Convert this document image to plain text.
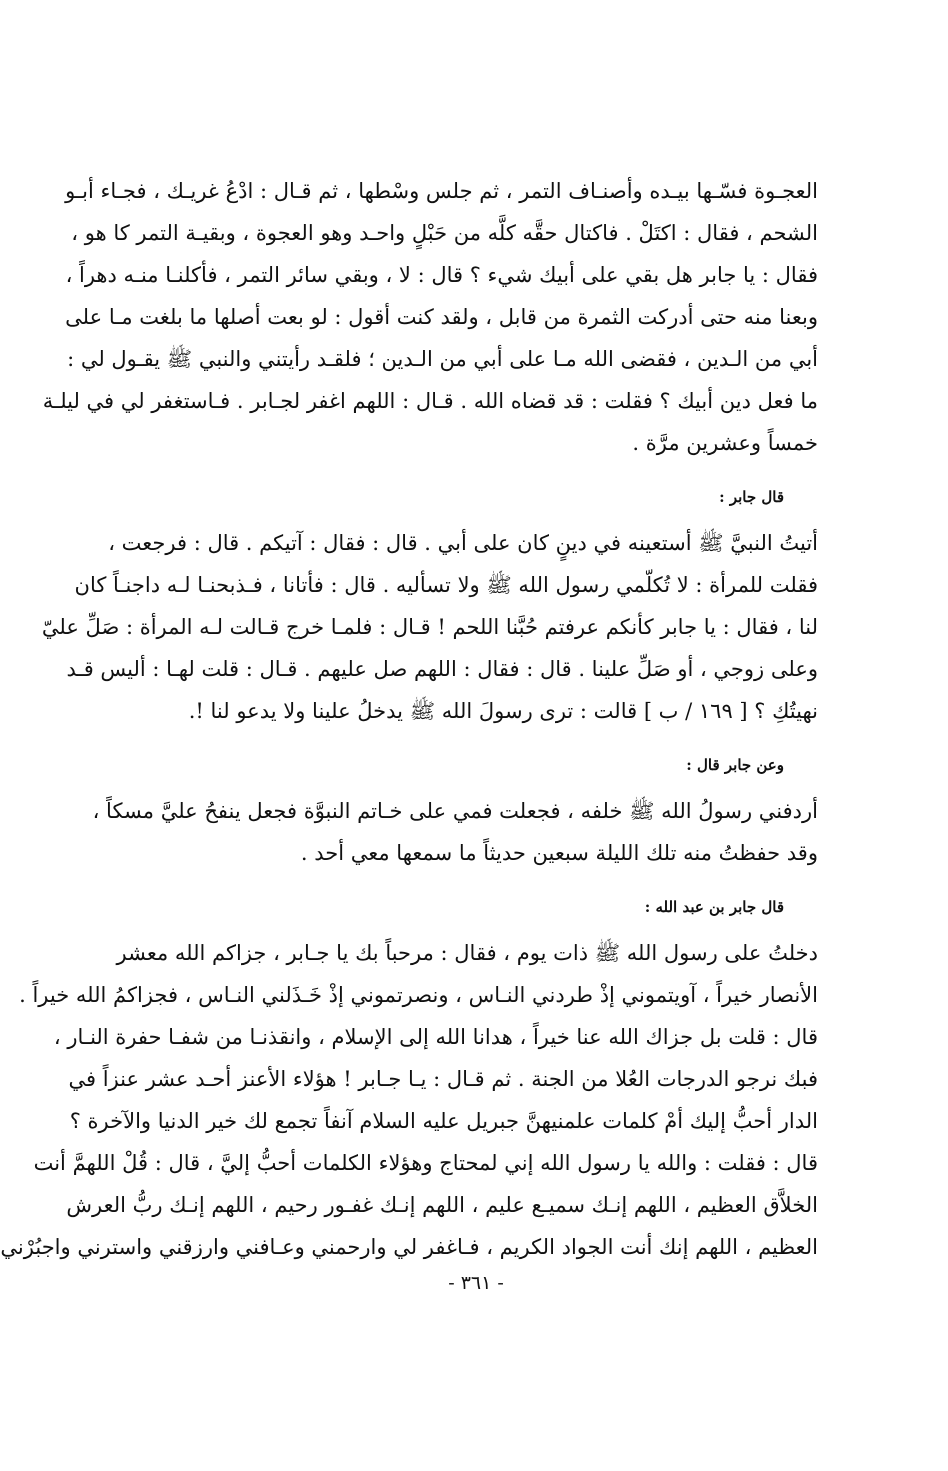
العجـوة فسّـها بيـده وأصنـاف التمر ، ثم جلس وسْطها ، ثم قـال : ادْعُ غريـك ، فجـاء أبـو

الشحم ، فقال : اكتَلْ . فاكتال حقَّه كلَّه من حَبْلٍ واحـد وهو العجوة ، وبقيـة التمر كا هو ،

فقال : يا جابر هل بقي على أبيك شيء ؟ قال : لا ، وبقي سائر التمر ، فأكلنـا منـه دهراً ،

وبعنا منه حتى أدركت الثمرة من قابل ، ولقد كنت أقول : لو بعت أصلها ما بلغت مـا على

أبي من الـدين ، فقضى الله مـا على أبي من الـدين ؛ فلقـد رأيتني والنبي ﷺ يقـول لي :

ما فعل دين أبيك ؟ فقلت : قد قضاه الله . قـال : اللهم اغفر لجـابر . فـاستغفر لي في ليلـة

خمساً وعشرين مرَّة .

قال جابر :

أتيتُ النبيَّ ﷺ أستعينه في دينٍ كان على أبي . قال : فقال : آتيكم . قال : فرجعت ،

فقلت للمرأة : لا تُكلّمي رسول الله ﷺ ولا تسأليه . قال : فأتانا ، فـذبحنـا لـه داجنـاً كان

لنا ، فقال : يا جابر كأنكم عرفتم حُبَّنا اللحم ! قـال : فلمـا خرج قـالت لـه المرأة : صَلِّ عليّ

وعلى زوجي ، أو صَلِّ علينا . قال : فقال : اللهم صل عليهم . قـال : قلت لهـا : أليس قـد

نهيتُكِ ؟ [ ١٦٩ / ب ] قالت : ترى رسولَ الله ﷺ يدخلُ علينا ولا يدعو لنا !.

وعن جابر قال :

أردفني رسولُ الله ﷺ خلفه ، فجعلت فمي على خـاتم النبوَّة فجعل ينفحُ عليَّ مسكاً ،

وقد حفظتُ منه تلك الليلة سبعين حديثاً ما سمعها معي أحد .

قال جابر بن عبد الله :

دخلتُ على رسول الله ﷺ ذات يوم ، فقال : مرحباً بك يا جـابر ، جزاكم الله معشر

الأنصار خيراً ، آويتموني إذْ طردني النـاس ، ونصرتموني إذْ خَـذَلني النـاس ، فجزاكمُ الله خيراً .

قال : قلت بل جزاك الله عنا خيراً ، هدانا الله إلى الإسلام ، وانقذنـا من شفـا حفرة النـار ،

فبك نرجو الدرجات العُلا من الجنة . ثم قـال : يـا جـابر ! هؤلاء الأعنز أحـد عشر عنزاً في

الدار أحبُّ إليك أمْ كلمات علمنيهنَّ جبريل عليه السلام آنفاً تجمع لك خير الدنيا والآخرة ؟

قال : فقلت : والله يا رسول الله إني لمحتاج وهؤلاء الكلمات أحبُّ إليَّ ، قال : قُلْ اللهمَّ أنت

الخلاَّق العظيم ، اللهم إنـك سميـع عليم ، اللهم إنـك غفـور رحيم ، اللهم إنـك ربُّ العرش

العظيم ، اللهم إنك أنت الجواد الكريم ، فـاغفر لي وارحمني وعـافني وارزقني واسترني واجبُرْني

- ٣٦١ -
